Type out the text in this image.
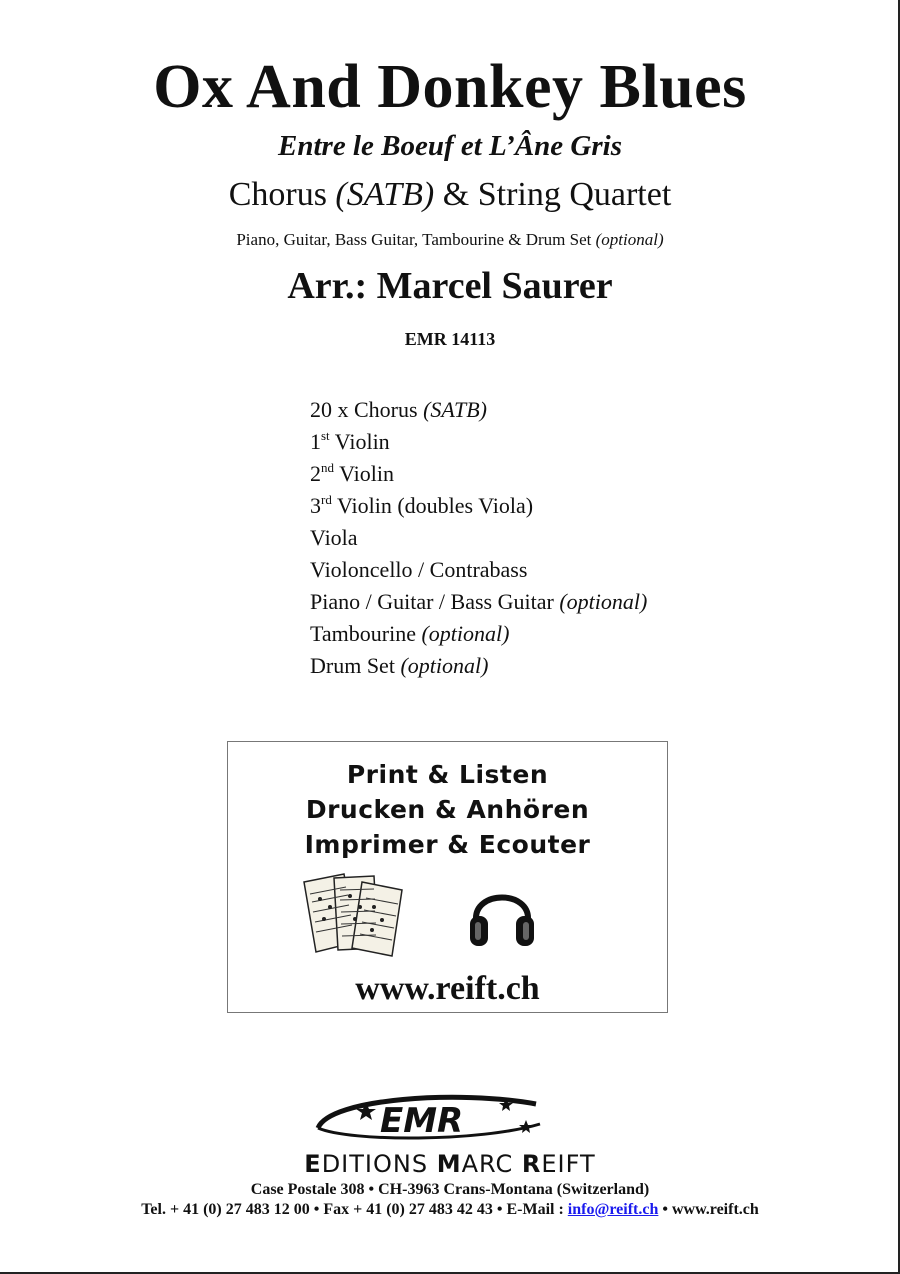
Ox And Donkey Blues
Entre le Boeuf et L’Âne Gris
Chorus (SATB) & String Quartet
Piano, Guitar, Bass Guitar, Tambourine & Drum Set (optional)
Arr.: Marcel Saurer
EMR 14113
20 x Chorus (SATB)
1st Violin
2nd Violin
3rd Violin (doubles Viola)
Viola
Violoncello / Contrabass
Piano / Guitar / Bass Guitar (optional)
Tambourine (optional)
Drum Set (optional)
Print & Listen
Drucken & Anhören
Imprimer & Ecouter
www.reift.ch
EMR
EDITIONS MARC REIFT
Case Postale 308 • CH-3963 Crans-Montana (Switzerland)
Tel. + 41 (0) 27 483 12 00 • Fax + 41 (0) 27 483 42 43 • E-Mail : info@reift.ch • www.reift.ch
